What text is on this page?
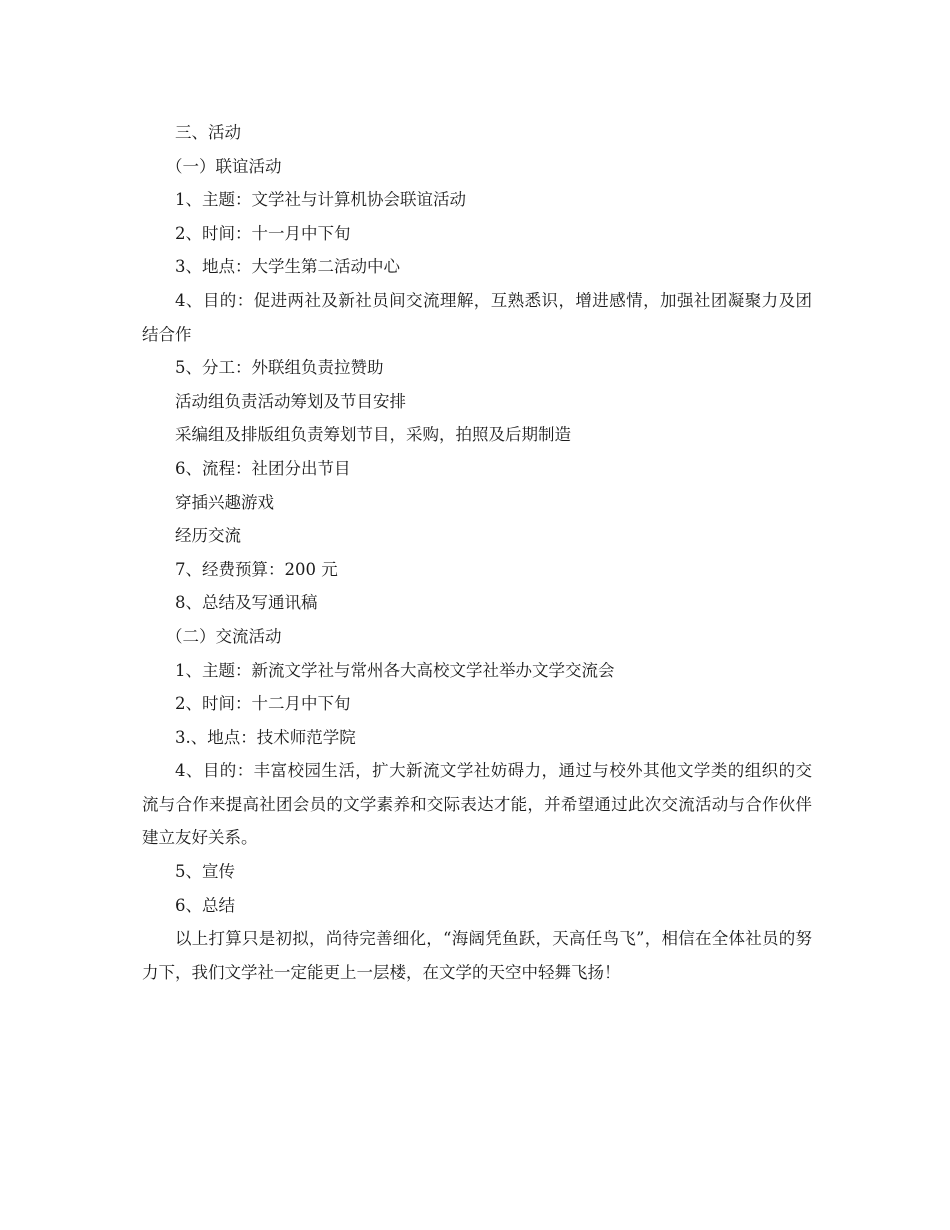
三、活动

（一）联谊活动

1、主题：文学社与计算机协会联谊活动

2、时间：十一月中下旬

3、地点：大学生第二活动中心

4、目的：促进两社及新社员间交流理解，互熟悉识，增进感情，加强社团凝聚力及团结合作

5、分工：外联组负责拉赞助

活动组负责活动筹划及节目安排

采编组及排版组负责筹划节目，采购，拍照及后期制造

6、流程：社团分出节目

穿插兴趣游戏

经历交流

7、经费预算：200 元

8、总结及写通讯稿

（二）交流活动

1、主题：新流文学社与常州各大高校文学社举办文学交流会

2、时间：十二月中下旬

3.、地点：技术师范学院

4、目的：丰富校园生活，扩大新流文学社妨碍力，通过与校外其他文学类的组织的交流与合作来提高社团会员的文学素养和交际表达才能，并希望通过此次交流活动与合作伙伴建立友好关系。

5、宣传

6、总结

以上打算只是初拟，尚待完善细化，“海阔凭鱼跃，天高任鸟飞”，相信在全体社员的努力下，我们文学社一定能更上一层楼，在文学的天空中轻舞飞扬！
